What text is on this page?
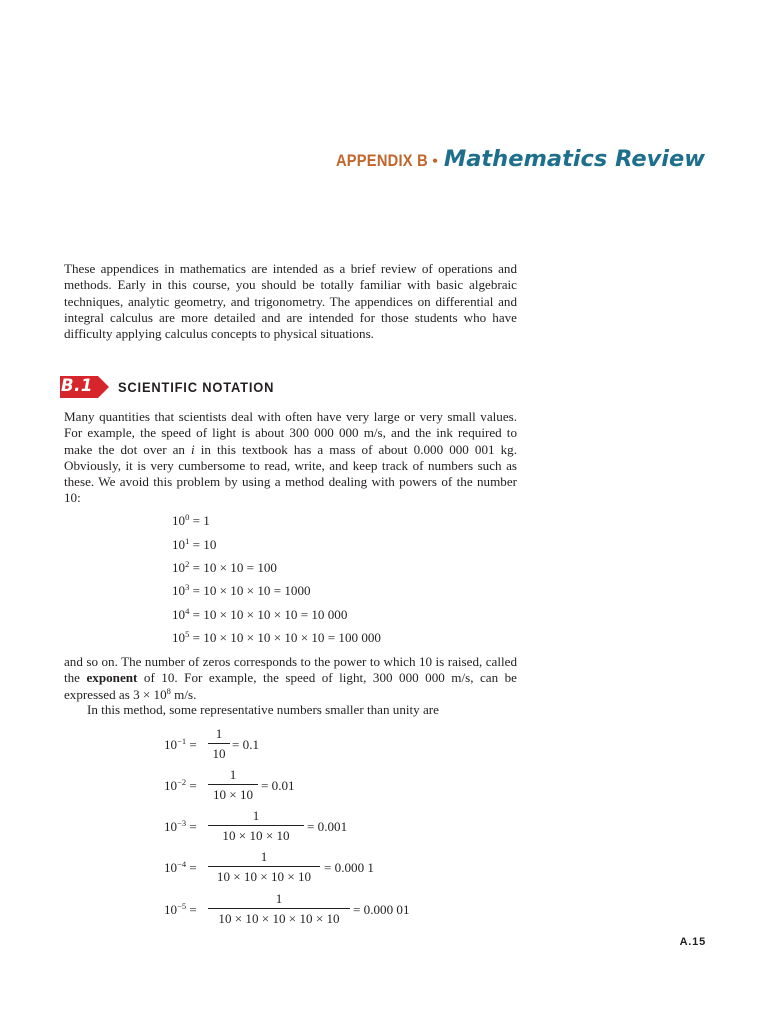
APPENDIX B • Mathematics Review

These appendices in mathematics are intended as a brief review of operations and methods. Early in this course, you should be totally familiar with basic algebraic techniques, analytic geometry, and trigonometry. The appendices on differential and integral calculus are more detailed and are intended for those students who have difficulty applying calculus concepts to physical situations.

B.1	SCIENTIFIC NOTATION

Many quantities that scientists deal with often have very large or very small values. For example, the speed of light is about 300 000 000 m/s, and the ink required to make the dot over an i in this textbook has a mass of about 0.000 000 001 kg. Obviously, it is very cumbersome to read, write, and keep track of numbers such as these. We avoid this problem by using a method dealing with powers of the number 10:

$10^0 = 1$
$10^1 = 10$
$10^2 = 10 \times 10 = 100$
$10^3 = 10 \times 10 \times 10 = 1000$
$10^4 = 10 \times 10 \times 10 \times 10 = 10$ 000
$10^5 = 10 \times 10 \times 10 \times 10 \times 10 = 100$ 000

and so on. The number of zeros corresponds to the power to which 10 is raised, called the exponent of 10. For example, the speed of light, 300 000 000 m/s, can be expressed as $3 \times 10^8$ m/s.

In this method, some representative numbers smaller than unity are

$10^{-1}$ =
1
10
= 0.1
$10^{-2}$ =
1
10 × 10
= 0.01
$10^{-3}$ =
1
10 × 10 × 10
= 0.001
$10^{-4}$ =
1
10 × 10 × 10 × 10
= 0.000 1
$10^{-5}$ =
1
10 × 10 × 10 × 10 × 10
= 0.000 01
A.15
